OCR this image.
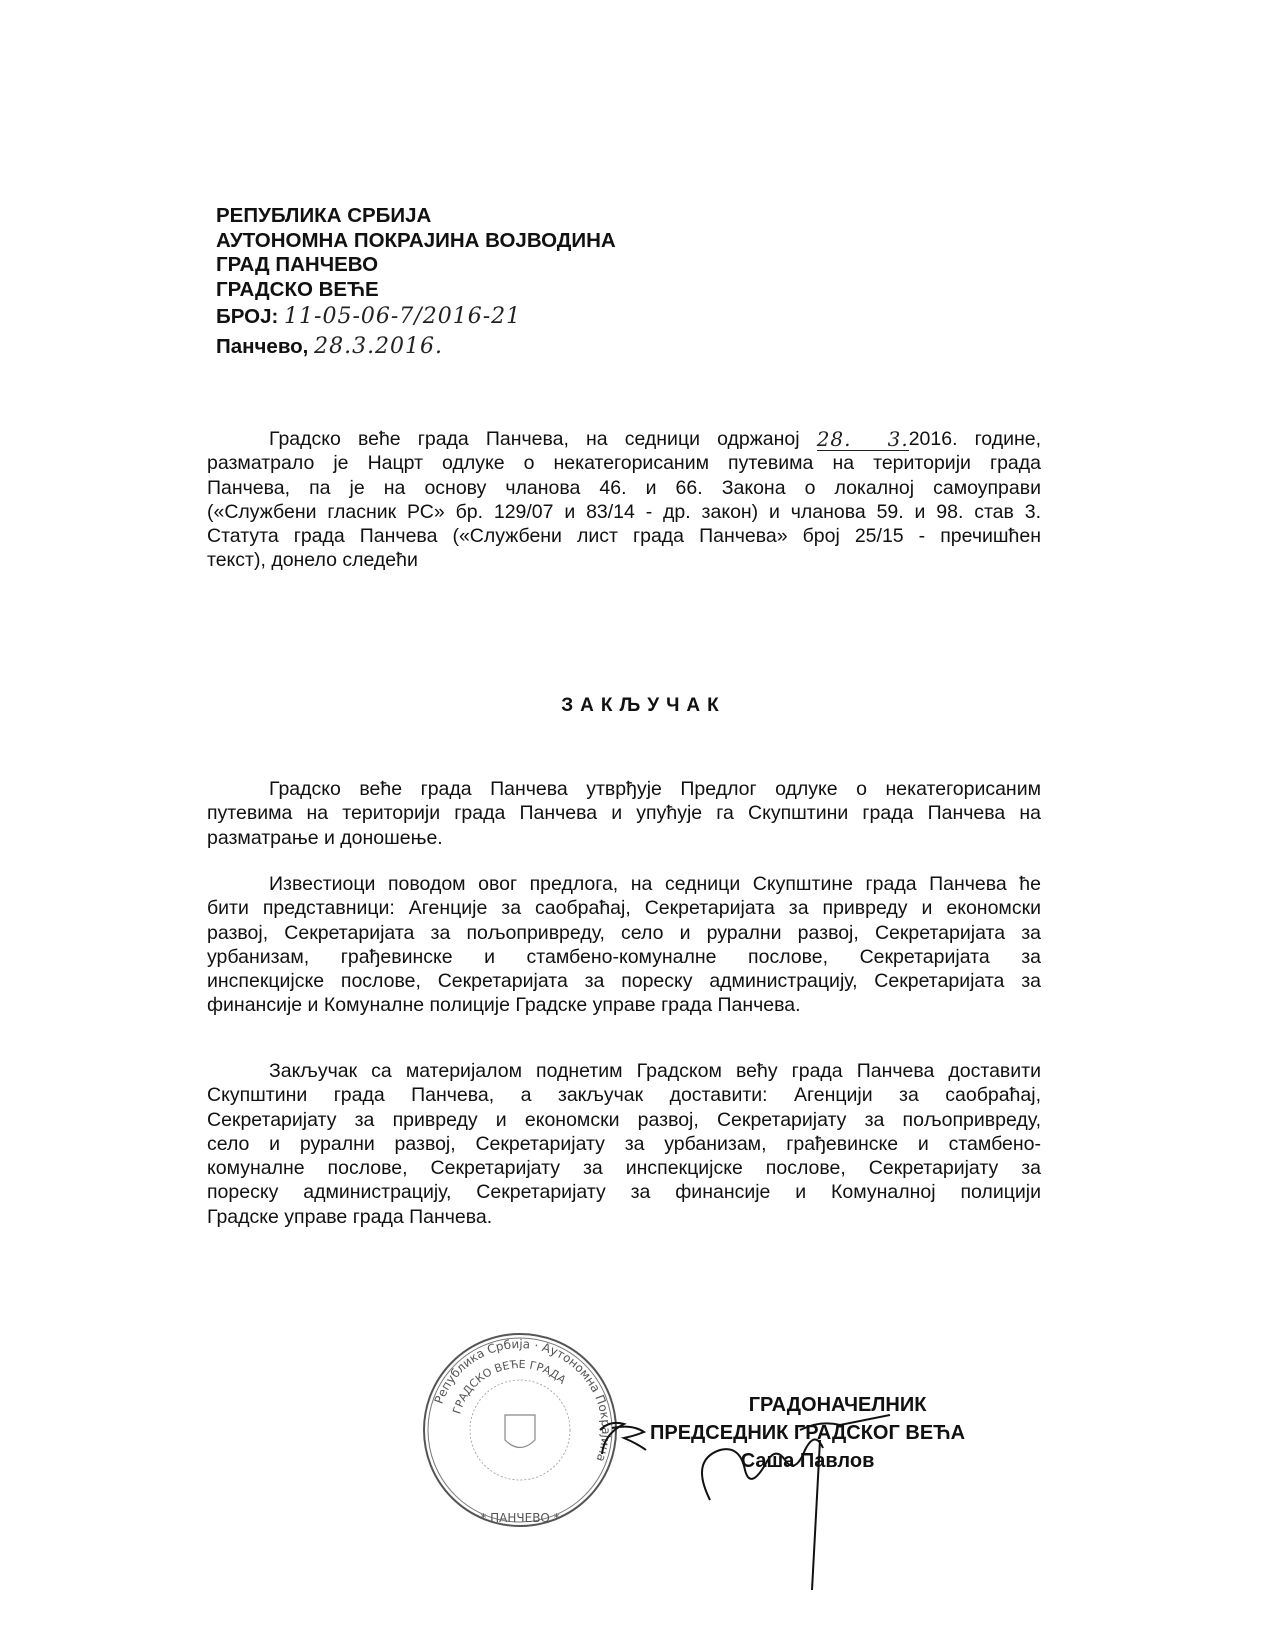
РЕПУБЛИКА СРБИЈА
АУТОНОМНА ПОКРАЈИНА ВОЈВОДИНА
ГРАД ПАНЧЕВО
ГРАДСКО ВЕЋЕ
БРОЈ: 11-05-06-7/2016-21
Панчево, 28.3.2016.
Градско веће града Панчева, на седници одржаној 28. 3.2016. године,
разматрало је Нацрт одлуке о некатегорисаним путевима на територији града
Панчева, па је на основу чланова 46. и 66. Закона о локалној самоуправи
(«Службени гласник РС» бр. 129/07 и 83/14 - др. закон) и чланова 59. и 98. став 3.
Статута града Панчева («Службени лист града Панчева» број 25/15 - пречишћен
текст), донело следећи
ЗАКЉУЧАК
Градско веће града Панчева утврђује Предлог одлуке о некатегорисаним
путевима на територији града Панчева и упућује га Скупштини града Панчева на
разматрање и доношење.
Известиоци поводом овог предлога, на седници Скупштине града Панчева ће
бити представници: Агенције за саобраћај, Секретаријата за привреду и економски
развој, Секретаријата за пољопривреду, село и рурални развој, Секретаријата за
урбанизам, грађевинске и стамбено-комуналне послове, Секретаријата за
инспекцијске послове, Секретаријата за пореску администрацију, Секретаријата за
финансије и Комуналне полиције Градске управе града Панчева.
Закључак са материјалом поднетим Градском већу града Панчева доставити
Скупштини града Панчева, а закључак доставити: Агенцији за саобраћај,
Секретаријату за привреду и економски развој, Секретаријату за пољопривреду,
село и рурални развој, Секретаријату за урбанизам, грађевинске и стамбено-
комуналне послове, Секретаријату за инспекцијске послове, Секретаријату за
пореску администрацију, Секретаријату за финансије и Комуналној полицији
Градске управе града Панчева.
Република Србија · Аутономна Покрајина
ГРАДСКО ВЕЋЕ ГРАДА
* ПАНЧЕВО *
ГРАДОНАЧЕЛНИК
ПРЕДСЕДНИК ГРАДСКОГ ВЕЋА
Саша Павлов
